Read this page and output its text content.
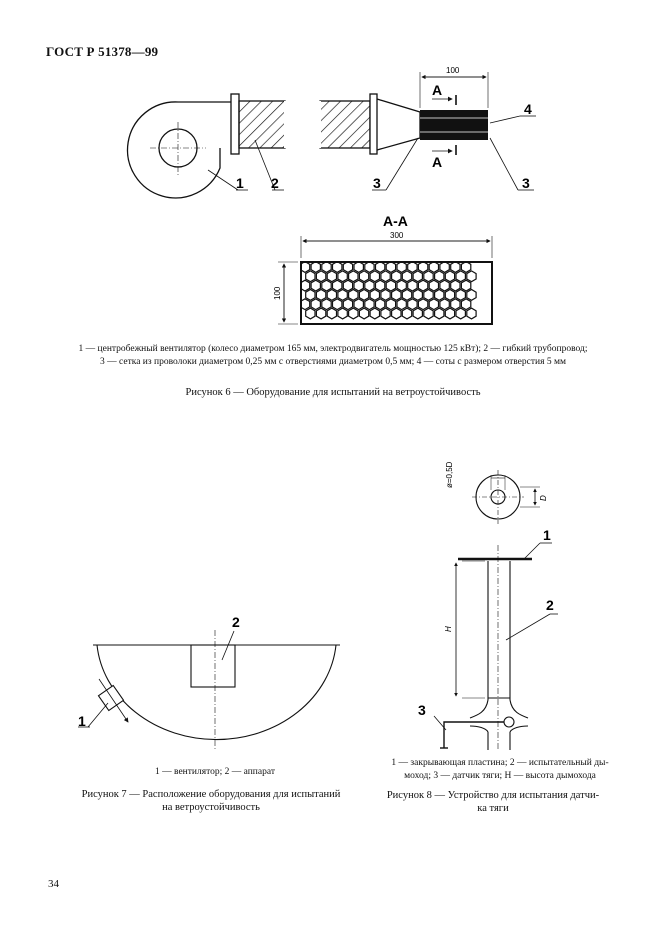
ГОСТ Р 51378—99
100
А
А
А-А
300
100
1 2	3
4
3
1
2
ø=0,5D
D
H
1
2
3
1 — центробежный вентилятор (колесо диаметром 165 мм, электродвигатель мощностью 125 кВт); 2 — гибкий трубопровод;
3 — сетка из проволоки диаметром 0,25 мм с отверстиями диаметром 0,5 мм; 4 — соты с размером отверстия 5 мм
Рисунок 6 — Оборудование для испытаний на ветроустойчивость
1 — вентилятор; 2 — аппарат
Рисунок 7 — Расположение оборудования для испытаний
на ветроустойчивость
1 — закрывающая пластина; 2 — испытательный ды-
моход; 3 — датчик тяги; H — высота дымохода
Рисунок 8 — Устройство для испытания датчи-
ка тяги
34
